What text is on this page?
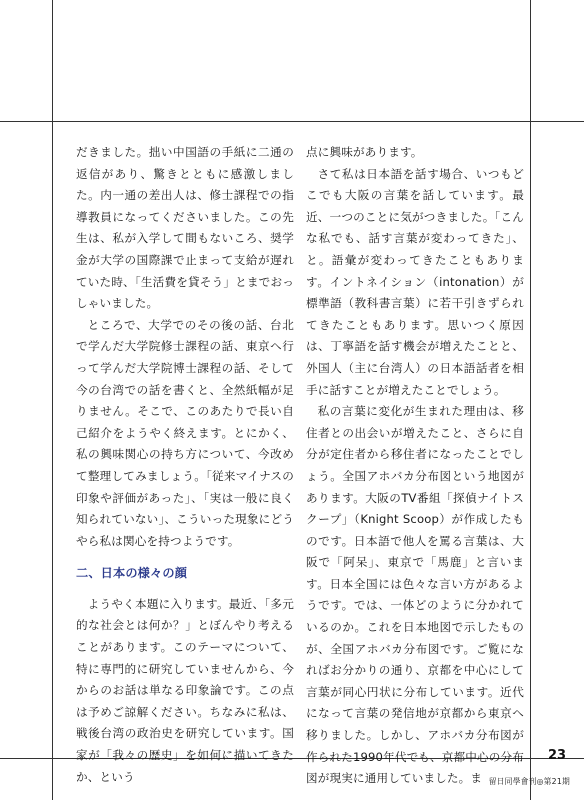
だきました。拙い中国語の手紙に二通の返信があり、驚きとともに感激しました。内一通の差出人は、修士課程での指導教員になってくださいました。この先生は、私が入学して間もないころ、奨学金が大学の国際課で止まって支給が遅れていた時、「生活費を貸そう」とまでおっしゃいました。

ところで、大学でのその後の話、台北で学んだ大学院修士課程の話、東京へ行って学んだ大学院博士課程の話、そして今の台湾での話を書くと、全然紙幅が足りません。そこで、このあたりで長い自己紹介をようやく終えます。とにかく、私の興味関心の持ち方について、今改めて整理してみましょう。「従来マイナスの印象や評価があった」、「実は一般に良く知られていない」、こういった現象にどうやら私は関心を持つようです。

二、日本の様々の顔

ようやく本題に入ります。最近、「多元的な社会とは何か？」とぼんやり考えることがあります。このテーマについて、特に専門的に研究していませんから、今からのお話は単なる印象論です。この点は予めご諒解ください。ちなみに私は、戦後台湾の政治史を研究しています。国家が「我々の歴史」を如何に描いてきたか、という

点に興味があります。

さて私は日本語を話す場合、いつもどこでも大阪の言葉を話しています。最近、一つのことに気がつきました。「こんな私でも、話す言葉が変わってきた」、と。語彙が変わってきたこともあります。イントネイション（intonation）が標準語（教科書言葉）に若干引きずられてきたこともあります。思いつく原因は、丁寧語を話す機会が増えたことと、外国人（主に台湾人）の日本語話者を相手に話すことが増えたことでしょう。

私の言葉に変化が生まれた理由は、移住者との出会いが増えたこと、さらに自分が定住者から移住者になったことでしょう。全国アホバカ分布図という地図があります。大阪のTV番組「探偵ナイトスクープ」（Knight Scoop）が作成したものです。日本語で他人を罵る言葉は、大阪で「阿呆」、東京で「馬鹿」と言います。日本全国には色々な言い方があるようです。では、一体どのように分かれているのか。これを日本地図で示したものが、全国アホバカ分布図です。ご覧になればお分かりの通り、京都を中心にして言葉が同心円状に分布しています。近代になって言葉の発信地が京都から東京へ移りました。しかし、アホバカ分布図が作られた1990年代でも、京都中心の分布図が現実に通用していました。ま

23
留日同學會刊◎第21期
